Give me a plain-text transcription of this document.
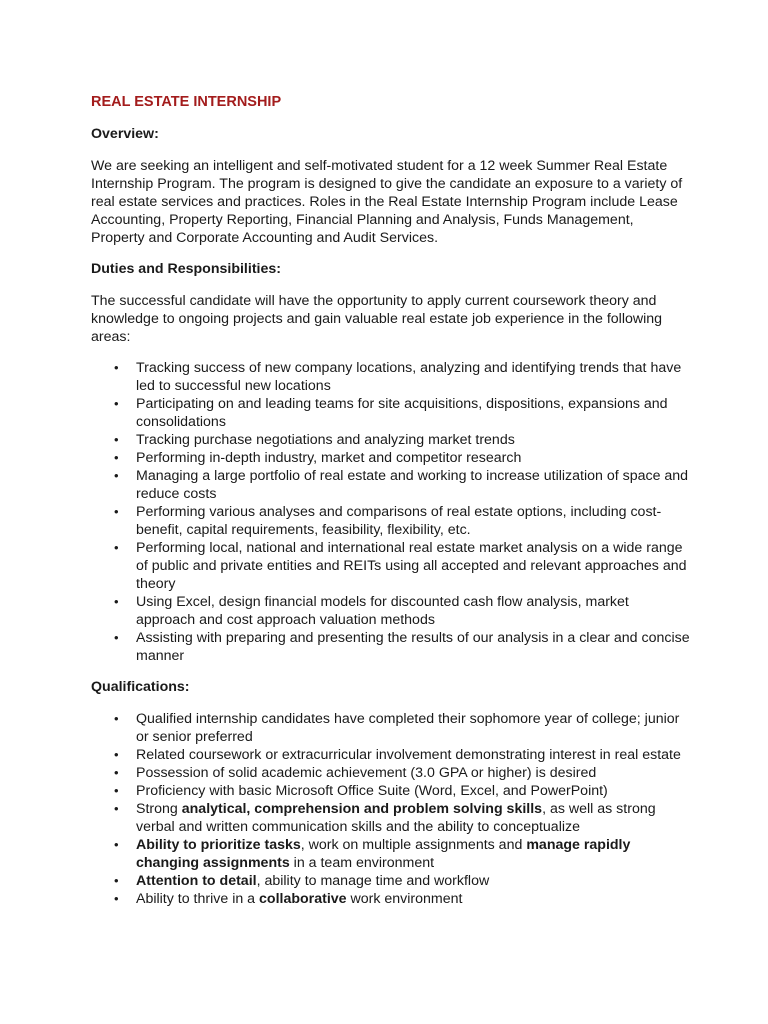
REAL ESTATE INTERNSHIP
Overview:

We are seeking an intelligent and self-motivated student for a 12 week Summer Real Estate Internship Program. The program is designed to give the candidate an exposure to a variety of real estate services and practices. Roles in the Real Estate Internship Program include Lease Accounting, Property Reporting, Financial Planning and Analysis, Funds Management, Property and Corporate Accounting and Audit Services.

Duties and Responsibilities:

The successful candidate will have the opportunity to apply current coursework theory and knowledge to ongoing projects and gain valuable real estate job experience in the following areas:

•	Tracking success of new company locations, analyzing and identifying trends that have led to successful new locations
•	Participating on and leading teams for site acquisitions, dispositions, expansions and consolidations
•	Tracking purchase negotiations and analyzing market trends
•	Performing in-depth industry, market and competitor research
•	Managing a large portfolio of real estate and working to increase utilization of space and reduce costs
•	Performing various analyses and comparisons of real estate options, including cost-benefit, capital requirements, feasibility, flexibility, etc.
•	Performing local, national and international real estate market analysis on a wide range of public and private entities and REITs using all accepted and relevant approaches and theory
•	Using Excel, design financial models for discounted cash flow analysis, market approach and cost approach valuation methods
•	Assisting with preparing and presenting the results of our analysis in a clear and concise manner
Qualifications:
•	Qualified internship candidates have completed their sophomore year of college; junior or senior preferred
•	Related coursework or extracurricular involvement demonstrating interest in real estate
•	Possession of solid academic achievement (3.0 GPA or higher) is desired
•	Proficiency with basic Microsoft Office Suite (Word, Excel, and PowerPoint)
•	Strong analytical, comprehension and problem solving skills, as well as strong verbal and written communication skills and the ability to conceptualize
•	Ability to prioritize tasks, work on multiple assignments and manage rapidly changing assignments in a team environment
•	Attention to detail, ability to manage time and workflow
•	Ability to thrive in a collaborative work environment
